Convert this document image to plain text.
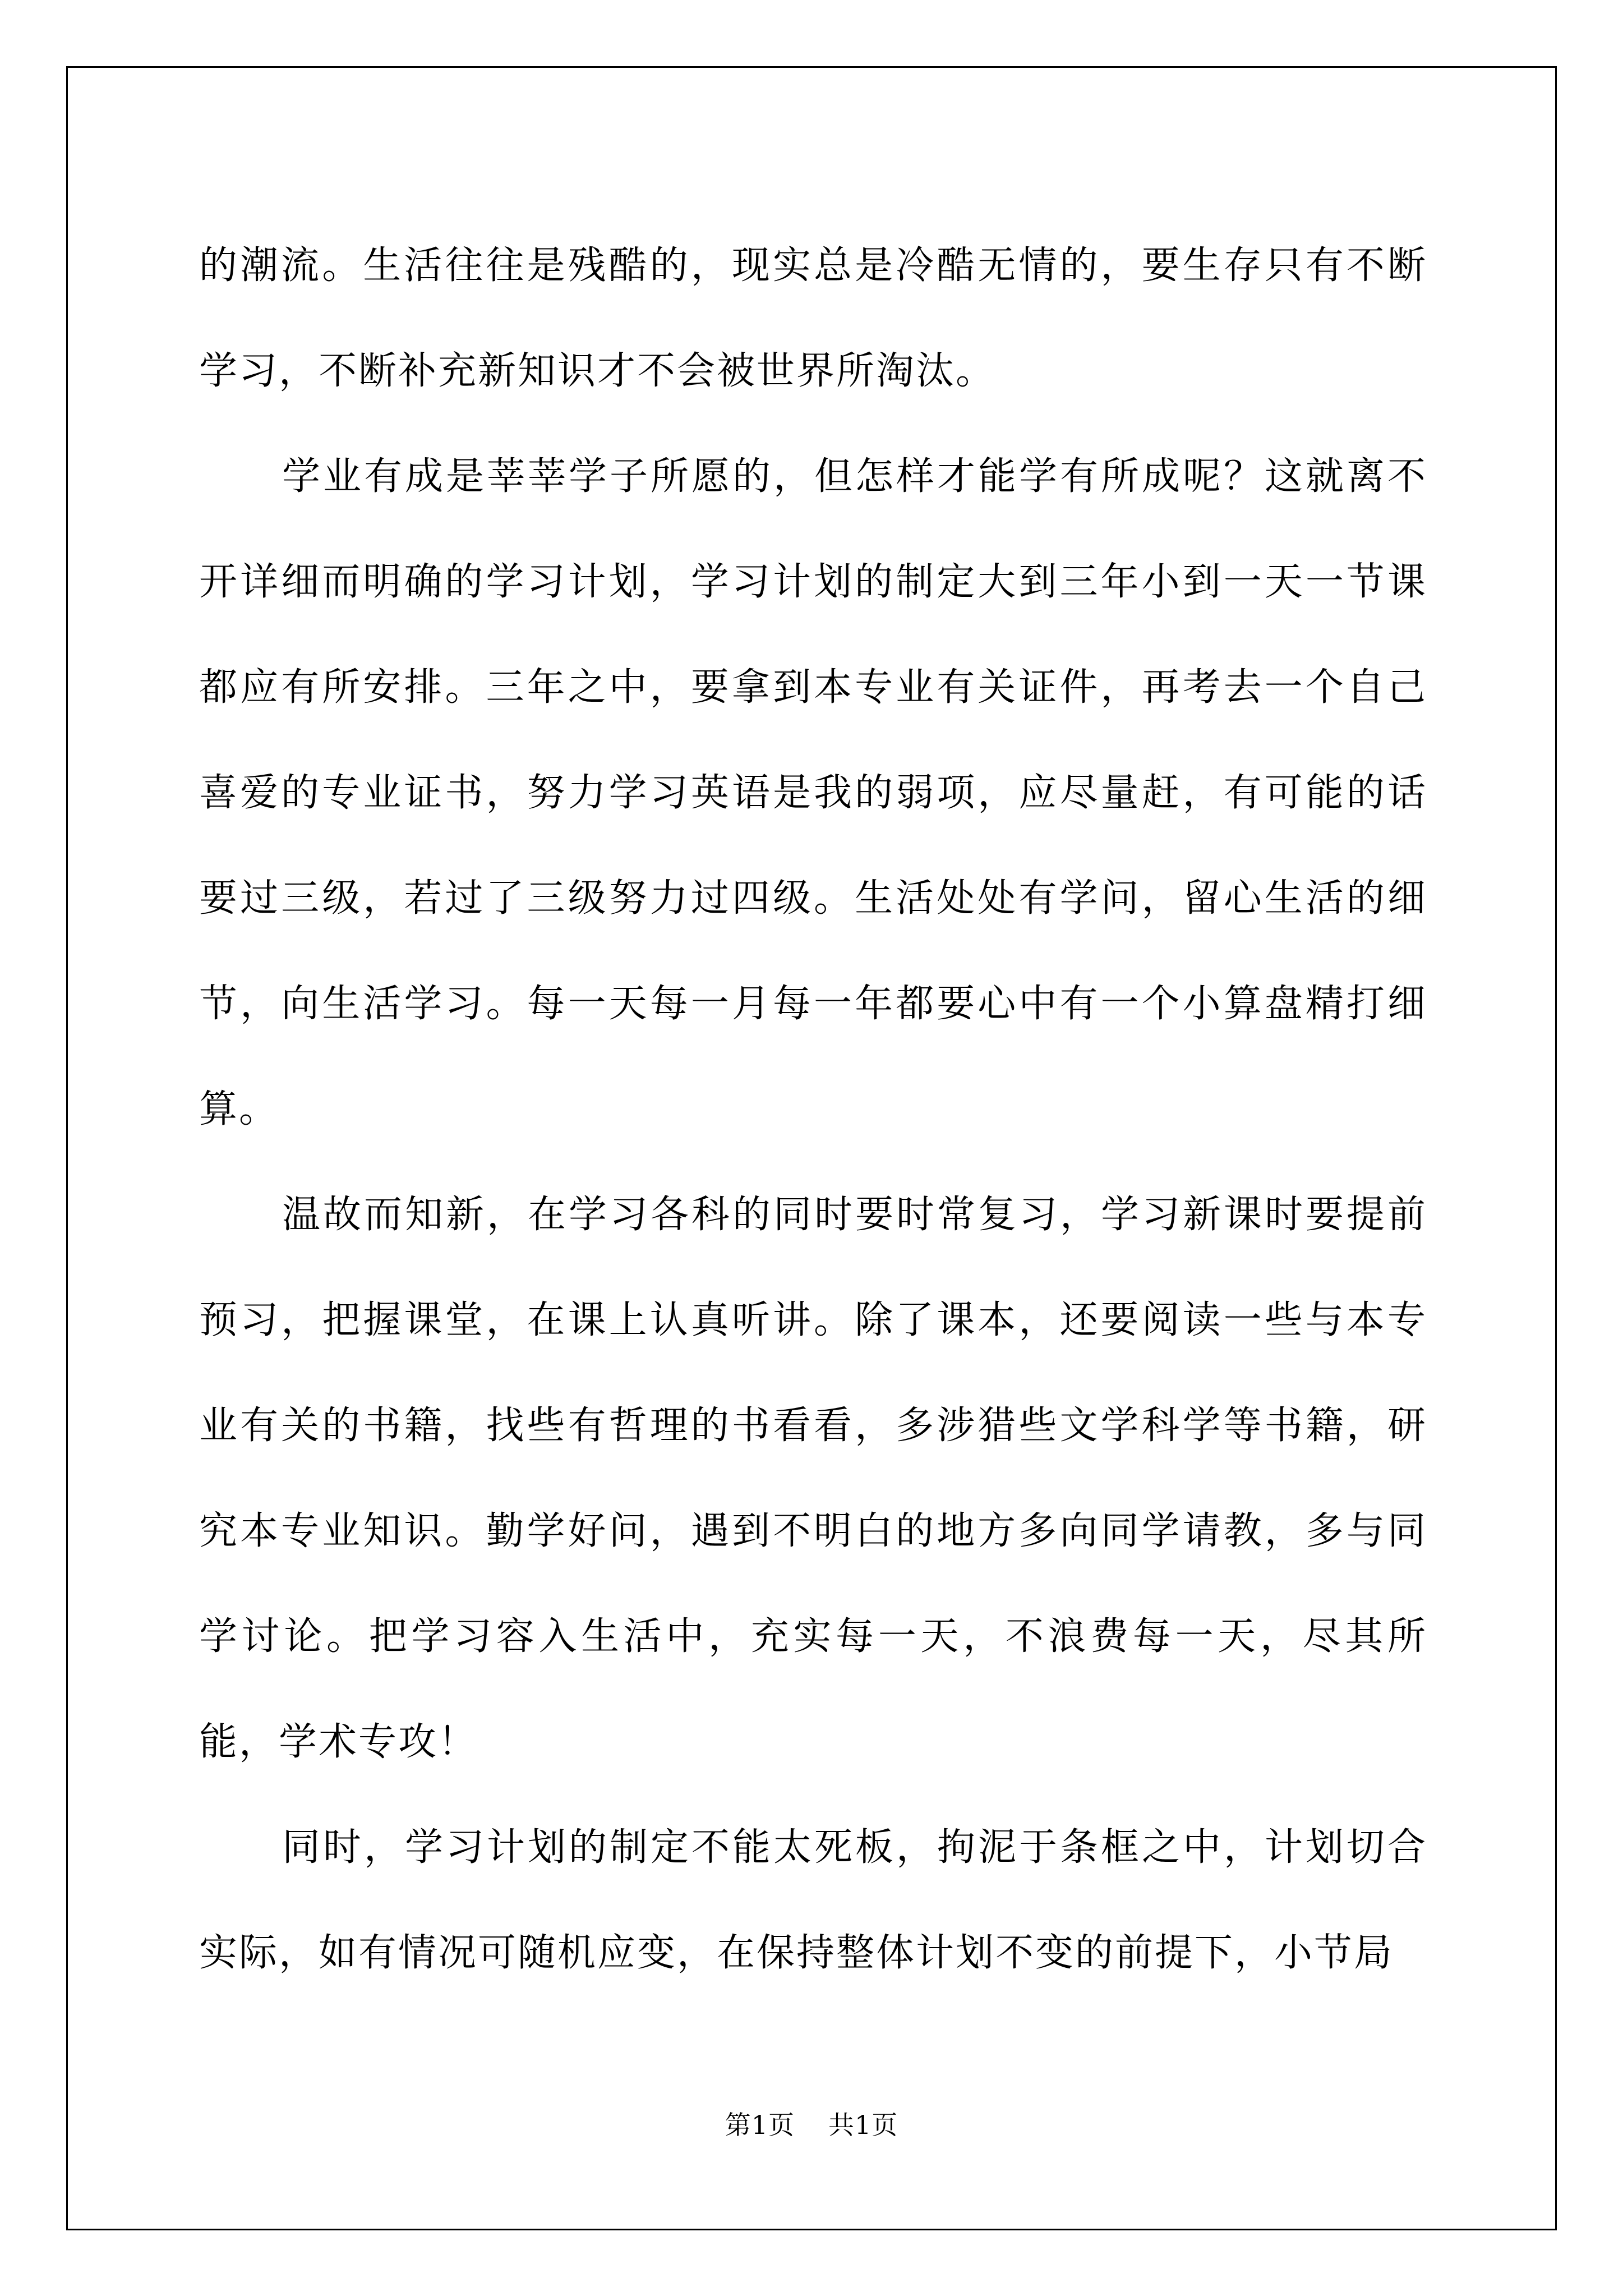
的潮流。生活往往是残酷的，现实总是冷酷无情的，要生存只有不断学习，不断补充新知识才不会被世界所淘汰。

学业有成是莘莘学子所愿的，但怎样才能学有所成呢？这就离不开详细而明确的学习计划，学习计划的制定大到三年小到一天一节课都应有所安排。三年之中，要拿到本专业有关证件，再考去一个自己喜爱的专业证书，努力学习英语是我的弱项，应尽量赶，有可能的话要过三级，若过了三级努力过四级。生活处处有学问，留心生活的细节，向生活学习。每一天每一月每一年都要心中有一个小算盘精打细算。

温故而知新，在学习各科的同时要时常复习，学习新课时要提前预习，把握课堂，在课上认真听讲。除了课本，还要阅读一些与本专业有关的书籍，找些有哲理的书看看，多涉猎些文学科学等书籍，研究本专业知识。勤学好问，遇到不明白的地方多向同学请教，多与同学讨论。把学习容入生活中，充实每一天，不浪费每一天，尽其所能，学术专攻！

同时，学习计划的制定不能太死板，拘泥于条框之中，计划切合实际，如有情况可随机应变，在保持整体计划不变的前提下，小节局

第1页 共1页
